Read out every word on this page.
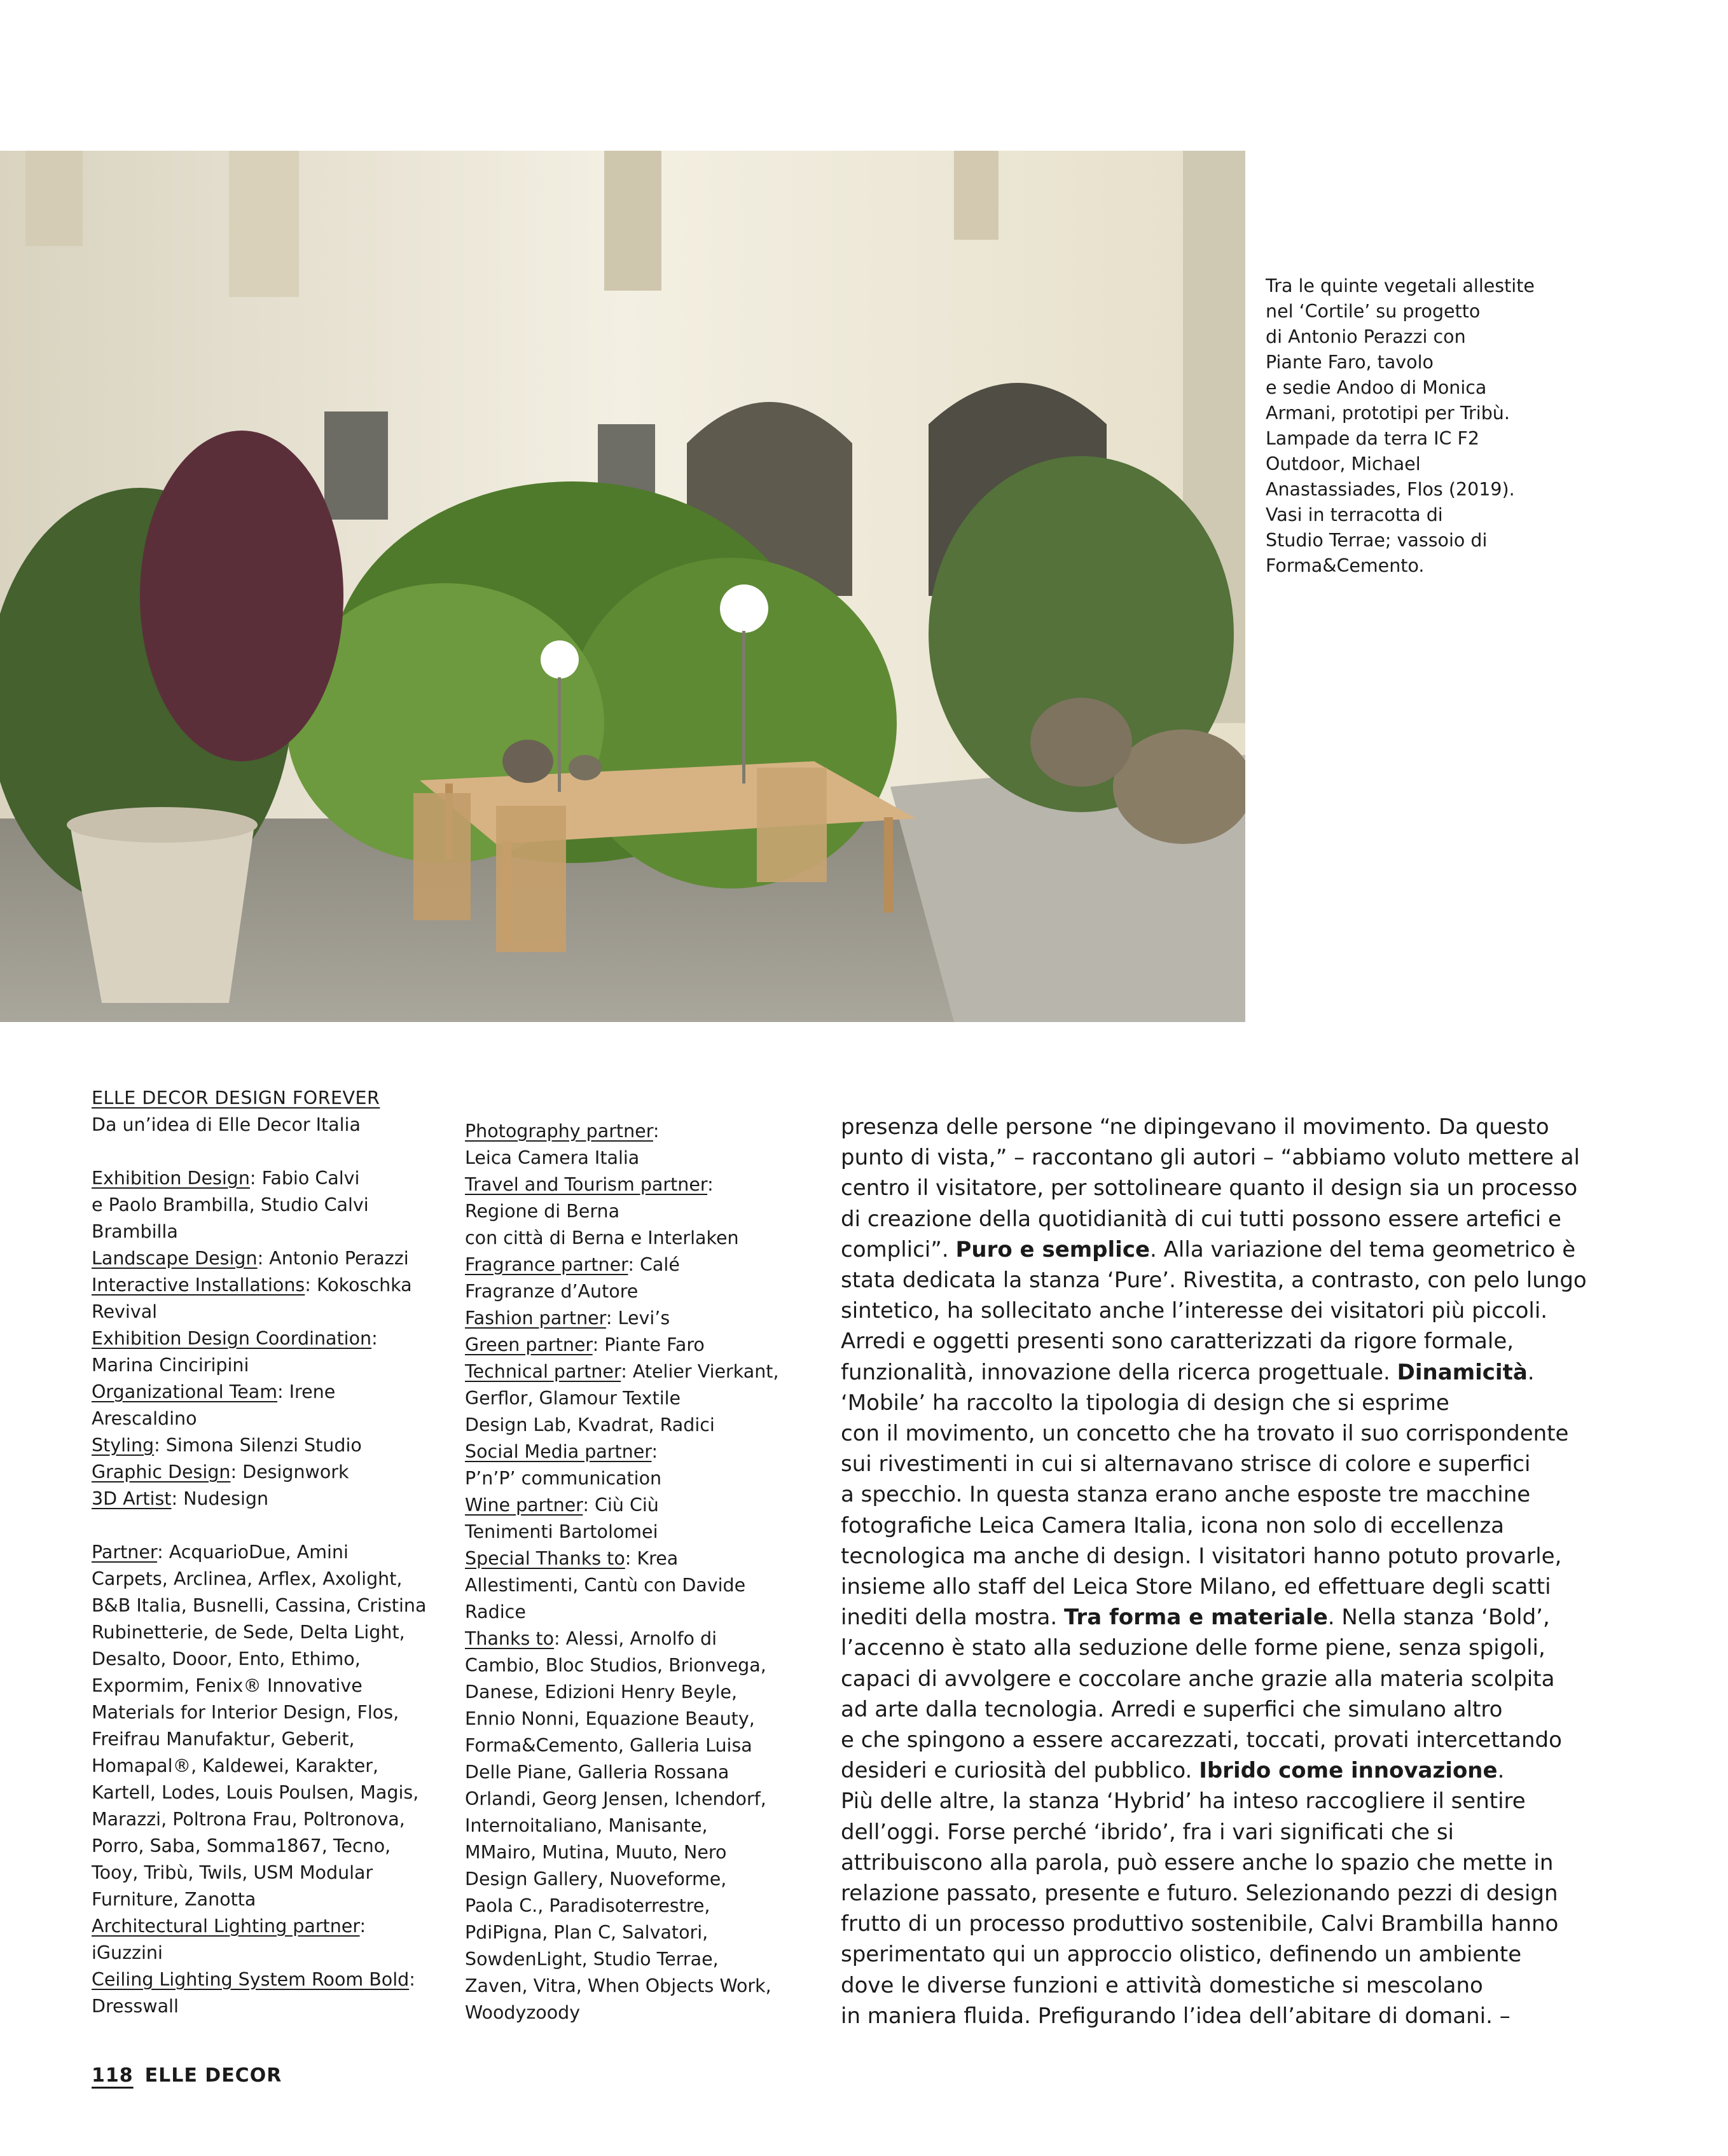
Tra le quinte vegetali allestite
nel ‘Cortile’ su progetto
di Antonio Perazzi con
Piante Faro, tavolo
e sedie Andoo di Monica
Armani, prototipi per Tribù.
Lampade da terra IC F2
Outdoor, Michael
Anastassiades, Flos (2019).
Vasi in terracotta di
Studio Terrae; vassoio di
Forma&Cemento.
ELLE DECOR DESIGN FOREVER
Da un’idea di Elle Decor Italia
Exhibition Design: Fabio Calvi
e Paolo Brambilla, Studio Calvi
Brambilla
Landscape Design: Antonio Perazzi
Interactive Installations: Kokoschka
Revival
Exhibition Design Coordination:
Marina Cinciripini
Organizational Team: Irene
Arescaldino
Styling: Simona Silenzi Studio
Graphic Design: Designwork
3D Artist: Nudesign
Partner: AcquarioDue, Amini
Carpets, Arclinea, Arflex, Axolight,
B&B Italia, Busnelli, Cassina, Cristina
Rubinetterie, de Sede, Delta Light,
Desalto, Dooor, Ento, Ethimo,
Expormim, Fenix® Innovative
Materials for Interior Design, Flos,
Freifrau Manufaktur, Geberit,
Homapal®, Kaldewei, Karakter,
Kartell, Lodes, Louis Poulsen, Magis,
Marazzi, Poltrona Frau, Poltronova,
Porro, Saba, Somma1867, Tecno,
Tooy, Tribù, Twils, USM Modular
Furniture, Zanotta
Architectural Lighting partner:
iGuzzini
Ceiling Lighting System Room Bold:
Dresswall
Photography partner:
Leica Camera Italia
Travel and Tourism partner:
Regione di Berna
con città di Berna e Interlaken
Fragrance partner: Calé
Fragranze d’Autore
Fashion partner: Levi’s
Green partner: Piante Faro
Technical partner: Atelier Vierkant,
Gerflor, Glamour Textile
Design Lab, Kvadrat, Radici
Social Media partner:
P’n’P’ communication
Wine partner: Ciù Ciù
Tenimenti Bartolomei
Special Thanks to: Krea
Allestimenti, Cantù con Davide
Radice
Thanks to: Alessi, Arnolfo di
Cambio, Bloc Studios, Brionvega,
Danese, Edizioni Henry Beyle,
Ennio Nonni, Equazione Beauty,
Forma&Cemento, Galleria Luisa
Delle Piane, Galleria Rossana
Orlandi, Georg Jensen, Ichendorf,
Internoitaliano, Manisante,
MMairo, Mutina, Muuto, Nero
Design Gallery, Nuoveforme,
Paola C., Paradisoterrestre,
PdiPigna, Plan C, Salvatori,
SowdenLight, Studio Terrae,
Zaven, Vitra, When Objects Work,
Woodyzoody
presenza delle persone “ne dipingevano il movimento. Da questo
punto di vista,” – raccontano gli autori – “abbiamo voluto mettere al
centro il visitatore, per sottolineare quanto il design sia un processo
di creazione della quotidianità di cui tutti possono essere artefici e
complici”. Puro e semplice. Alla variazione del tema geometrico è
stata dedicata la stanza ‘Pure’. Rivestita, a contrasto, con pelo lungo
sintetico, ha sollecitato anche l’interesse dei visitatori più piccoli.
Arredi e oggetti presenti sono caratterizzati da rigore formale,
funzionalità, innovazione della ricerca progettuale. Dinamicità.
‘Mobile’ ha raccolto la tipologia di design che si esprime
con il movimento, un concetto che ha trovato il suo corrispondente
sui rivestimenti in cui si alternavano strisce di colore e superfici
a specchio. In questa stanza erano anche esposte tre macchine
fotografiche Leica Camera Italia, icona non solo di eccellenza
tecnologica ma anche di design. I visitatori hanno potuto provarle,
insieme allo staff del Leica Store Milano, ed effettuare degli scatti
inediti della mostra. Tra forma e materiale. Nella stanza ‘Bold’,
l’accenno è stato alla seduzione delle forme piene, senza spigoli,
capaci di avvolgere e coccolare anche grazie alla materia scolpita
ad arte dalla tecnologia. Arredi e superfici che simulano altro
e che spingono a essere accarezzati, toccati, provati intercettando
desideri e curiosità del pubblico. Ibrido come innovazione.
Più delle altre, la stanza ‘Hybrid’ ha inteso raccogliere il sentire
dell’oggi. Forse perché ‘ibrido’, fra i vari significati che si
attribuiscono alla parola, può essere anche lo spazio che mette in
relazione passato, presente e futuro. Selezionando pezzi di design
frutto di un processo produttivo sostenibile, Calvi Brambilla hanno
sperimentato qui un approccio olistico, definendo un ambiente
dove le diverse funzioni e attività domestiche si mescolano
in maniera fluida. Prefigurando l’idea dell’abitare di domani. –
118 ELLE DECOR
